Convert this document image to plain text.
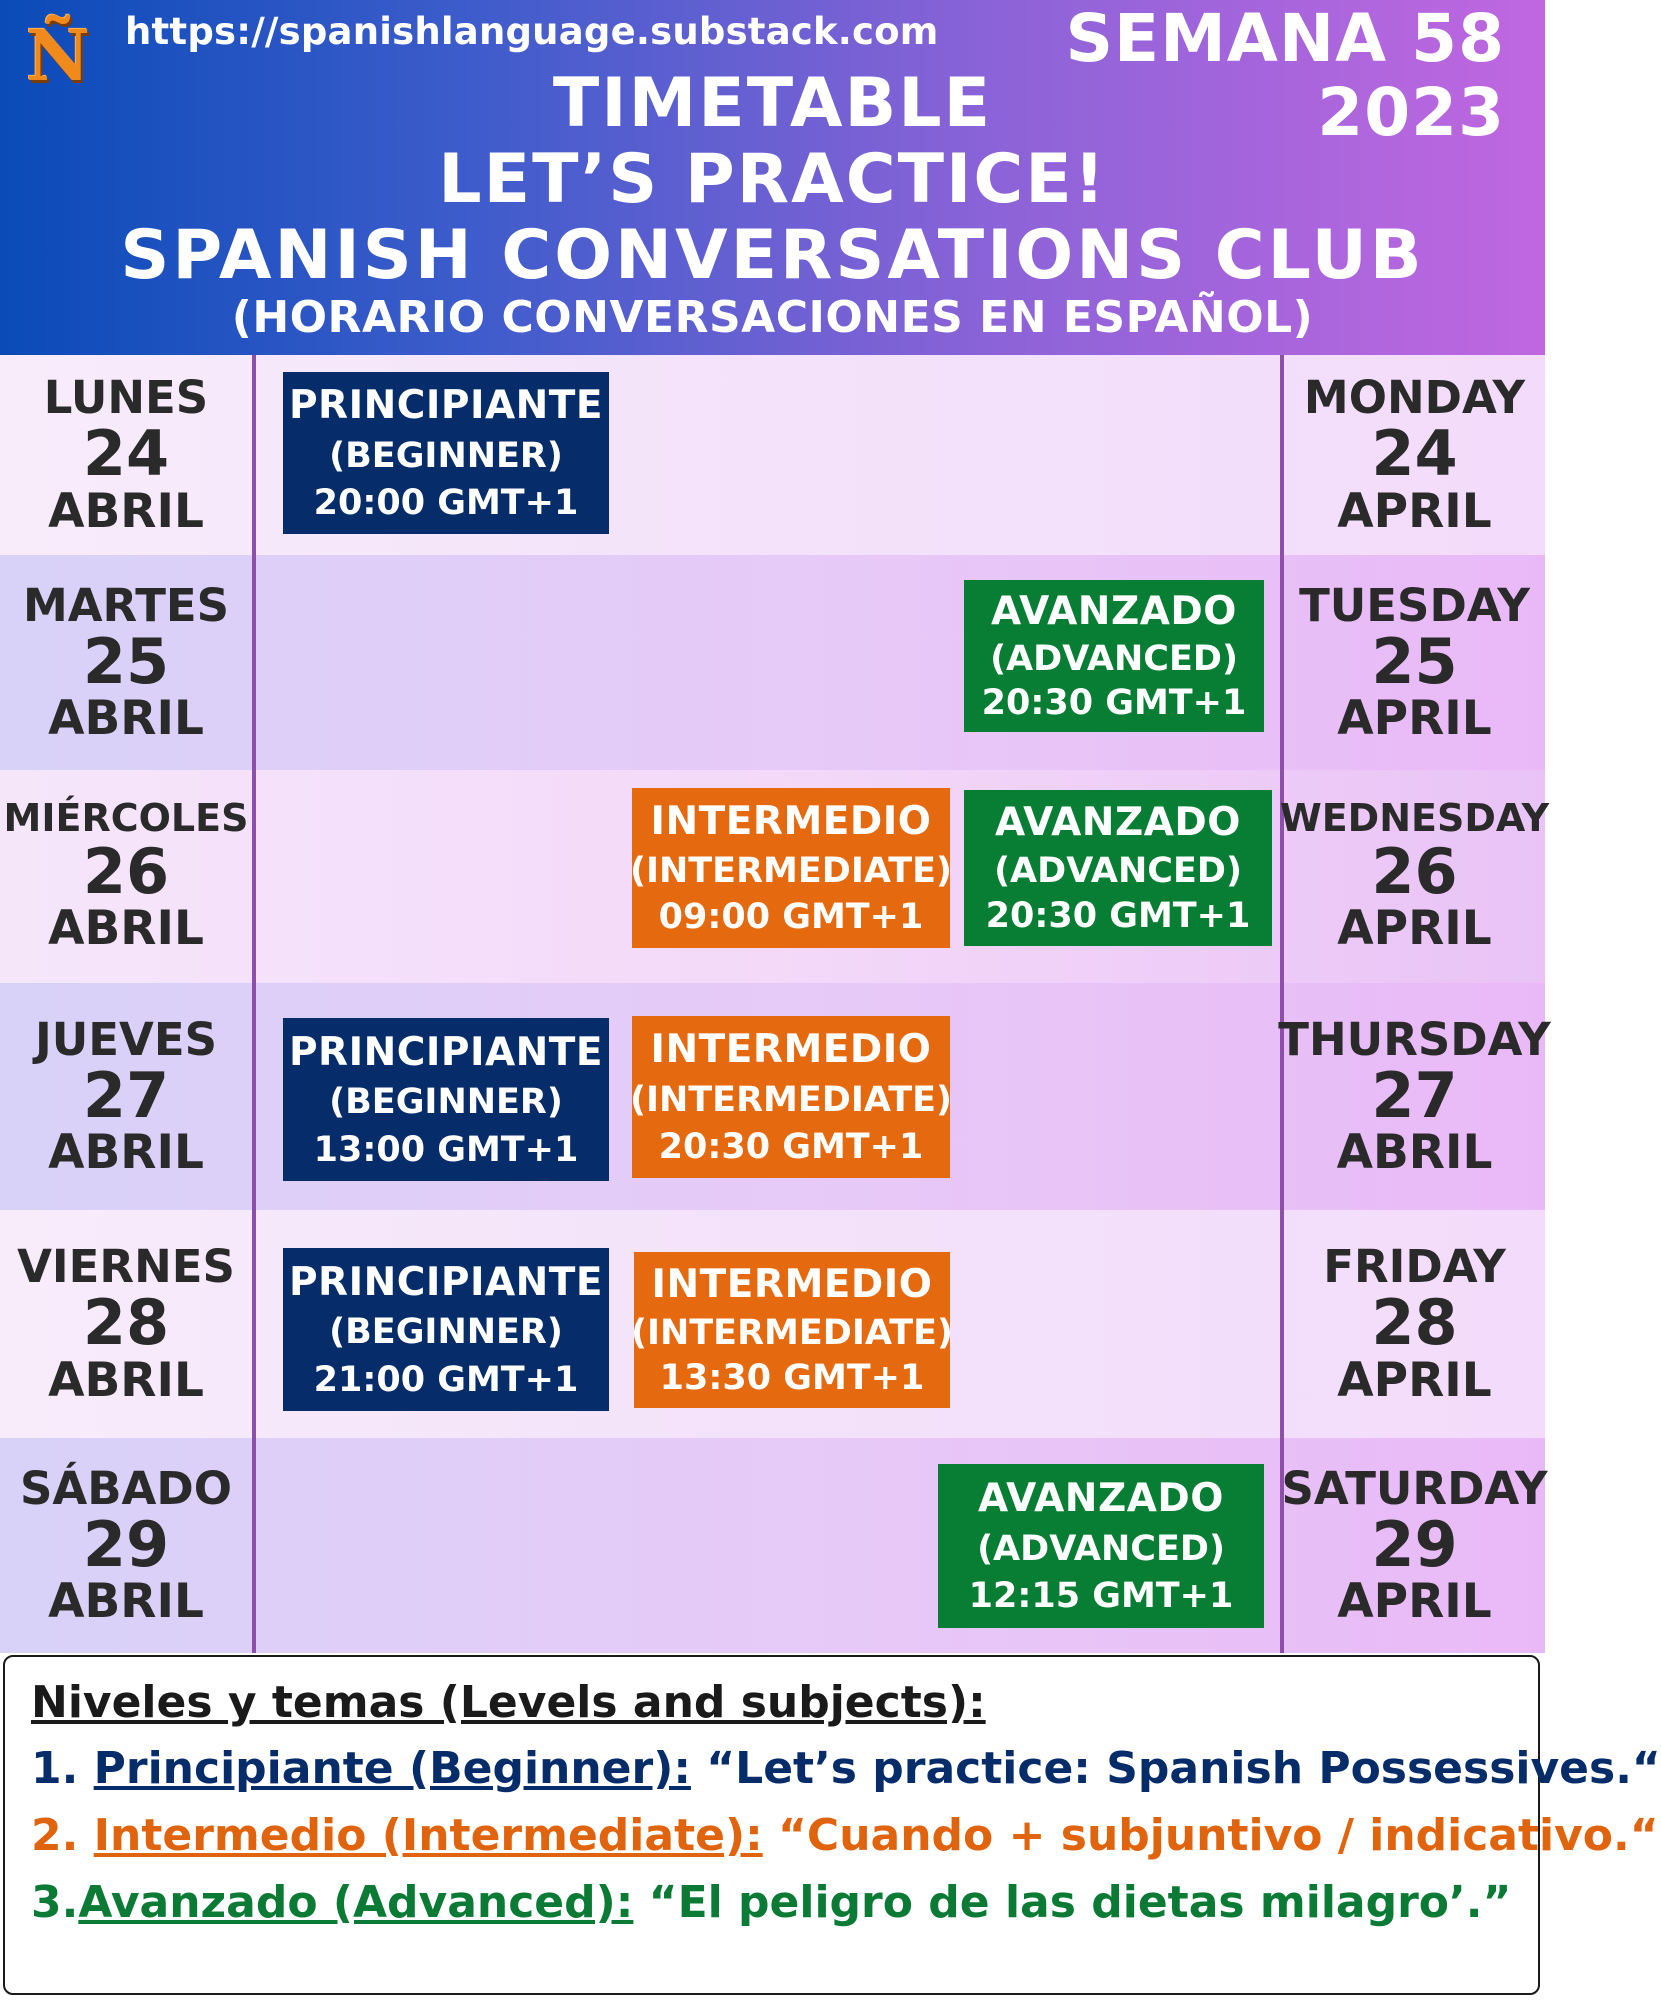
Ñ https://spanishlanguage.substack.com SEMANA 58
2023
TIMETABLE
LET’S PRACTICE!
SPANISH CONVERSATIONS CLUB
(HORARIO CONVERSACIONES EN ESPAÑOL)
LUNES
24
ABRIL
MARTES
25
ABRIL
MIÉRCOLES
26
ABRIL
JUEVES
27
ABRIL
VIERNES
28
ABRIL
SÁBADO
29
ABRIL
MONDAY
24
APRIL
TUESDAY
25
APRIL
WEDNESDAY
26
APRIL
THURSDAY
27
ABRIL
FRIDAY
28
APRIL
SATURDAY
29
APRIL
PRINCIPIANTE
(BEGINNER)
20:00 GMT+1
AVANZADO
(ADVANCED)
20:30 GMT+1
INTERMEDIO
(INTERMEDIATE)
09:00 GMT+1
AVANZADO
(ADVANCED)
20:30 GMT+1
PRINCIPIANTE
(BEGINNER)
13:00 GMT+1
INTERMEDIO
(INTERMEDIATE)
20:30 GMT+1
PRINCIPIANTE
(BEGINNER)
21:00 GMT+1
INTERMEDIO
(INTERMEDIATE)
13:30 GMT+1
AVANZADO
(ADVANCED)
12:15 GMT+1
Niveles y temas (Levels and subjects):
1. Principiante (Beginner): “Let’s practice: Spanish Possessives.“
2. Intermedio (Intermediate): “Cuando + subjuntivo / indicativo.“
3.Avanzado (Advanced): “El peligro de las dietas milagro’.”
